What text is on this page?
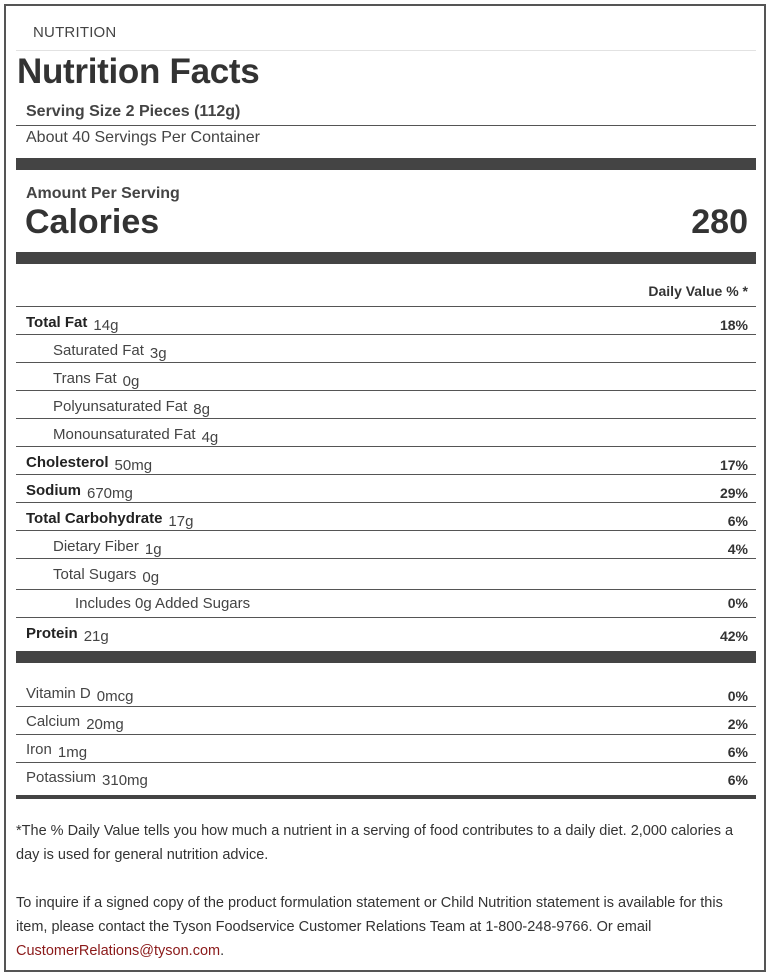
NUTRITION
Nutrition Facts
Serving Size 2 Pieces (112g)
About 40 Servings Per Container
Amount Per Serving
Calories	280
Daily Value % *
Total Fat 14g	18%
Saturated Fat 3g
Trans Fat 0g
Polyunsaturated Fat 8g
Monounsaturated Fat 4g
Cholesterol 50mg	17%
Sodium 670mg	29%
Total Carbohydrate 17g	6%
Dietary Fiber 1g	4%
Total Sugars 0g
Includes 0g Added Sugars	0%
Protein 21g	42%
Vitamin D 0mcg	0%
Calcium 20mg	2%
Iron 1mg	6%
Potassium 310mg	6%
*The % Daily Value tells you how much a nutrient in a serving of food contributes to a daily diet. 2,000 calories a day is used for general nutrition advice.
To inquire if a signed copy of the product formulation statement or Child Nutrition statement is available for this item, please contact the Tyson Foodservice Customer Relations Team at 1-800-248-9766. Or email CustomerRelations@tyson.com.
